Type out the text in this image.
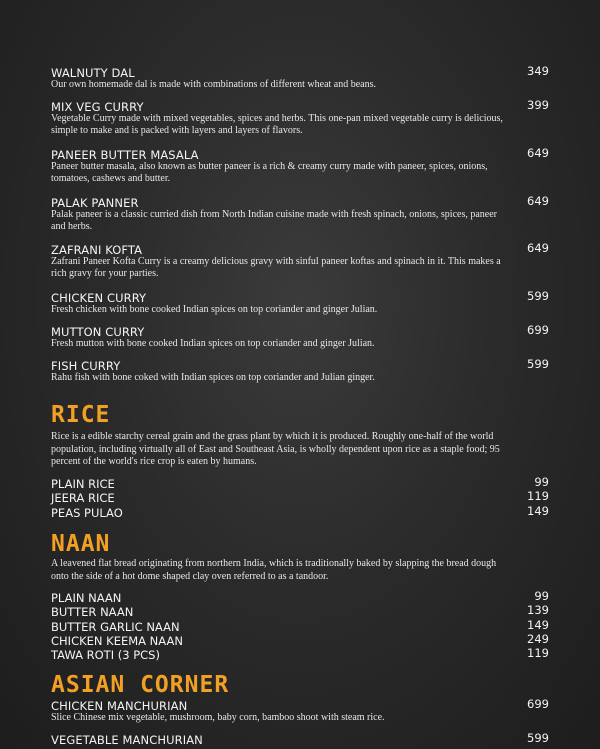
WALNUTY DAL	349
Our own homemade dal is made with combinations of different wheat and beans.
MIX VEG CURRY	399
Vegetable Curry made with mixed vegetables, spices and herbs. This one-pan mixed vegetable curry is delicious, simple to make and is packed with layers and layers of flavors.
PANEER BUTTER MASALA	649
Paneer butter masala, also known as butter paneer is a rich & creamy curry made with paneer, spices, onions, tomatoes, cashews and butter.
PALAK PANNER	649
Palak paneer is a classic curried dish from North Indian cuisine made with fresh spinach, onions, spices, paneer and herbs.
ZAFRANI KOFTA	649
Zafrani Paneer Kofta Curry is a creamy delicious gravy with sinful paneer koftas and spinach in it. This makes a rich gravy for your parties.
CHICKEN CURRY	599
Fresh chicken with bone cooked Indian spices on top coriander and ginger Julian.
MUTTON CURRY	699
Fresh mutton with bone cooked Indian spices on top coriander and ginger Julian.
FISH CURRY	599
Rahu fish with bone coked with Indian spices on top coriander and Julian ginger.
RICE
Rice is a edible starchy cereal grain and the grass plant by which it is produced. Roughly one-half of the world population, including virtually all of East and Southeast Asia, is wholly dependent upon rice as a staple food; 95 percent of the world's rice crop is eaten by humans.
PLAIN RICE	99
JEERA RICE	119
PEAS PULAO	149
NAAN
A leavened flat bread originating from northern India, which is traditionally baked by slapping the bread dough onto the side of a hot dome shaped clay oven referred to as a tandoor.
PLAIN NAAN	99
BUTTER NAAN	139
BUTTER GARLIC NAAN	149
CHICKEN KEEMA NAAN	249
TAWA ROTI (3 PCS)	119
ASIAN CORNER
CHICKEN MANCHURIAN	699
Slice Chinese mix vegetable, mushroom, baby corn, bamboo shoot with steam rice.
VEGETABLE MANCHURIAN	599
